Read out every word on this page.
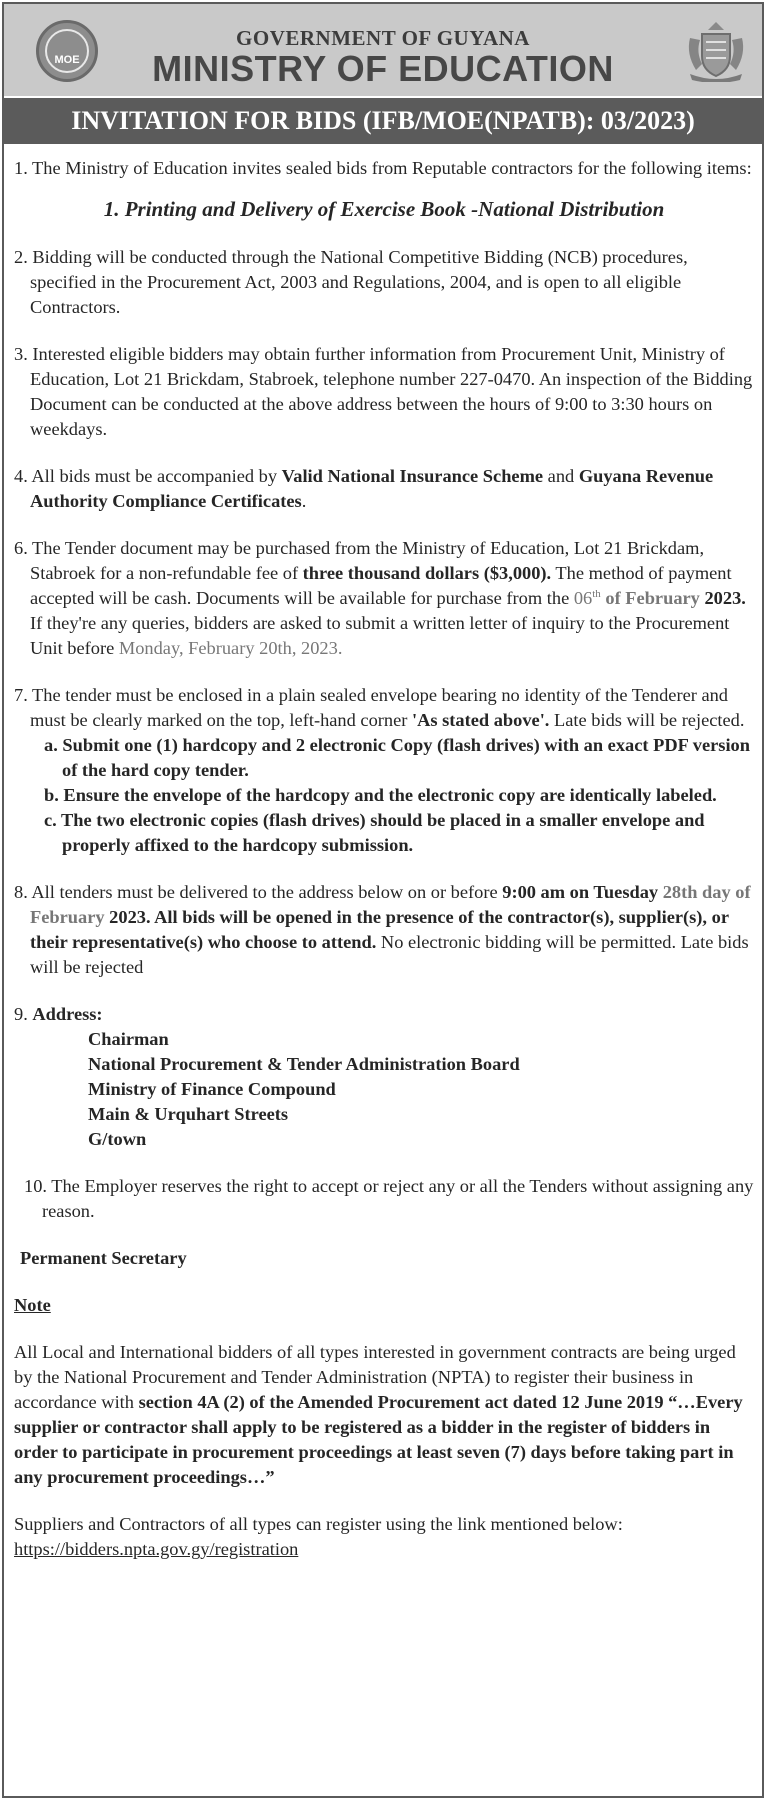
MOE
GOVERNMENT OF GUYANA
MINISTRY OF EDUCATION
INVITATION FOR BIDS (IFB/MOE(NPATB): 03/2023)

1. The Ministry of Education invites sealed bids from Reputable contractors for the following items:

1. Printing and Delivery of Exercise Book -National Distribution

2. Bidding will be conducted through the National Competitive Bidding (NCB) procedures, specified in the Procurement Act, 2003 and Regulations, 2004, and is open to all eligible Contractors.

3. Interested eligible bidders may obtain further information from Procurement Unit, Ministry of Education, Lot 21 Brickdam, Stabroek, telephone number 227-0470. An inspection of the Bidding Document can be conducted at the above address between the hours of 9:00 to 3:30 hours on weekdays.

4. All bids must be accompanied by Valid National Insurance Scheme and Guyana Revenue Authority Compliance Certificates.

6. The Tender document may be purchased from the Ministry of Education, Lot 21 Brickdam, Stabroek for a non-refundable fee of three thousand dollars ($3,000). The method of payment accepted will be cash. Documents will be available for purchase from the 06th of February 2023. If they're any queries, bidders are asked to submit a written letter of inquiry to the Procurement Unit before Monday, February 20th, 2023.

7. The tender must be enclosed in a plain sealed envelope bearing no identity of the Tenderer and must be clearly marked on the top, left-hand corner 'As stated above'. Late bids will be rejected.

a. Submit one (1) hardcopy and 2 electronic Copy (flash drives) with an exact PDF version of the hard copy tender.

b. Ensure the envelope of the hardcopy and the electronic copy are identically labeled.

c. The two electronic copies (flash drives) should be placed in a smaller envelope and properly affixed to the hardcopy submission.

8. All tenders must be delivered to the address below on or before 9:00 am on Tuesday 28th day of February 2023. All bids will be opened in the presence of the contractor(s), supplier(s), or their representative(s) who choose to attend. No electronic bidding will be permitted. Late bids will be rejected

9. Address:

Chairman

National Procurement & Tender Administration Board

Ministry of Finance Compound

Main & Urquhart Streets

G/town

10. The Employer reserves the right to accept or reject any or all the Tenders without assigning any reason.

Permanent Secretary

Note

All Local and International bidders of all types interested in government contracts are being urged by the National Procurement and Tender Administration (NPTA) to register their business in accordance with section 4A (2) of the Amended Procurement act dated 12 June 2019 “…Every supplier or contractor shall apply to be registered as a bidder in the register of bidders in order to participate in procurement proceedings at least seven (7) days before taking part in any procurement proceedings…”

Suppliers and Contractors of all types can register using the link mentioned below: https://bidders.npta.gov.gy/registration
